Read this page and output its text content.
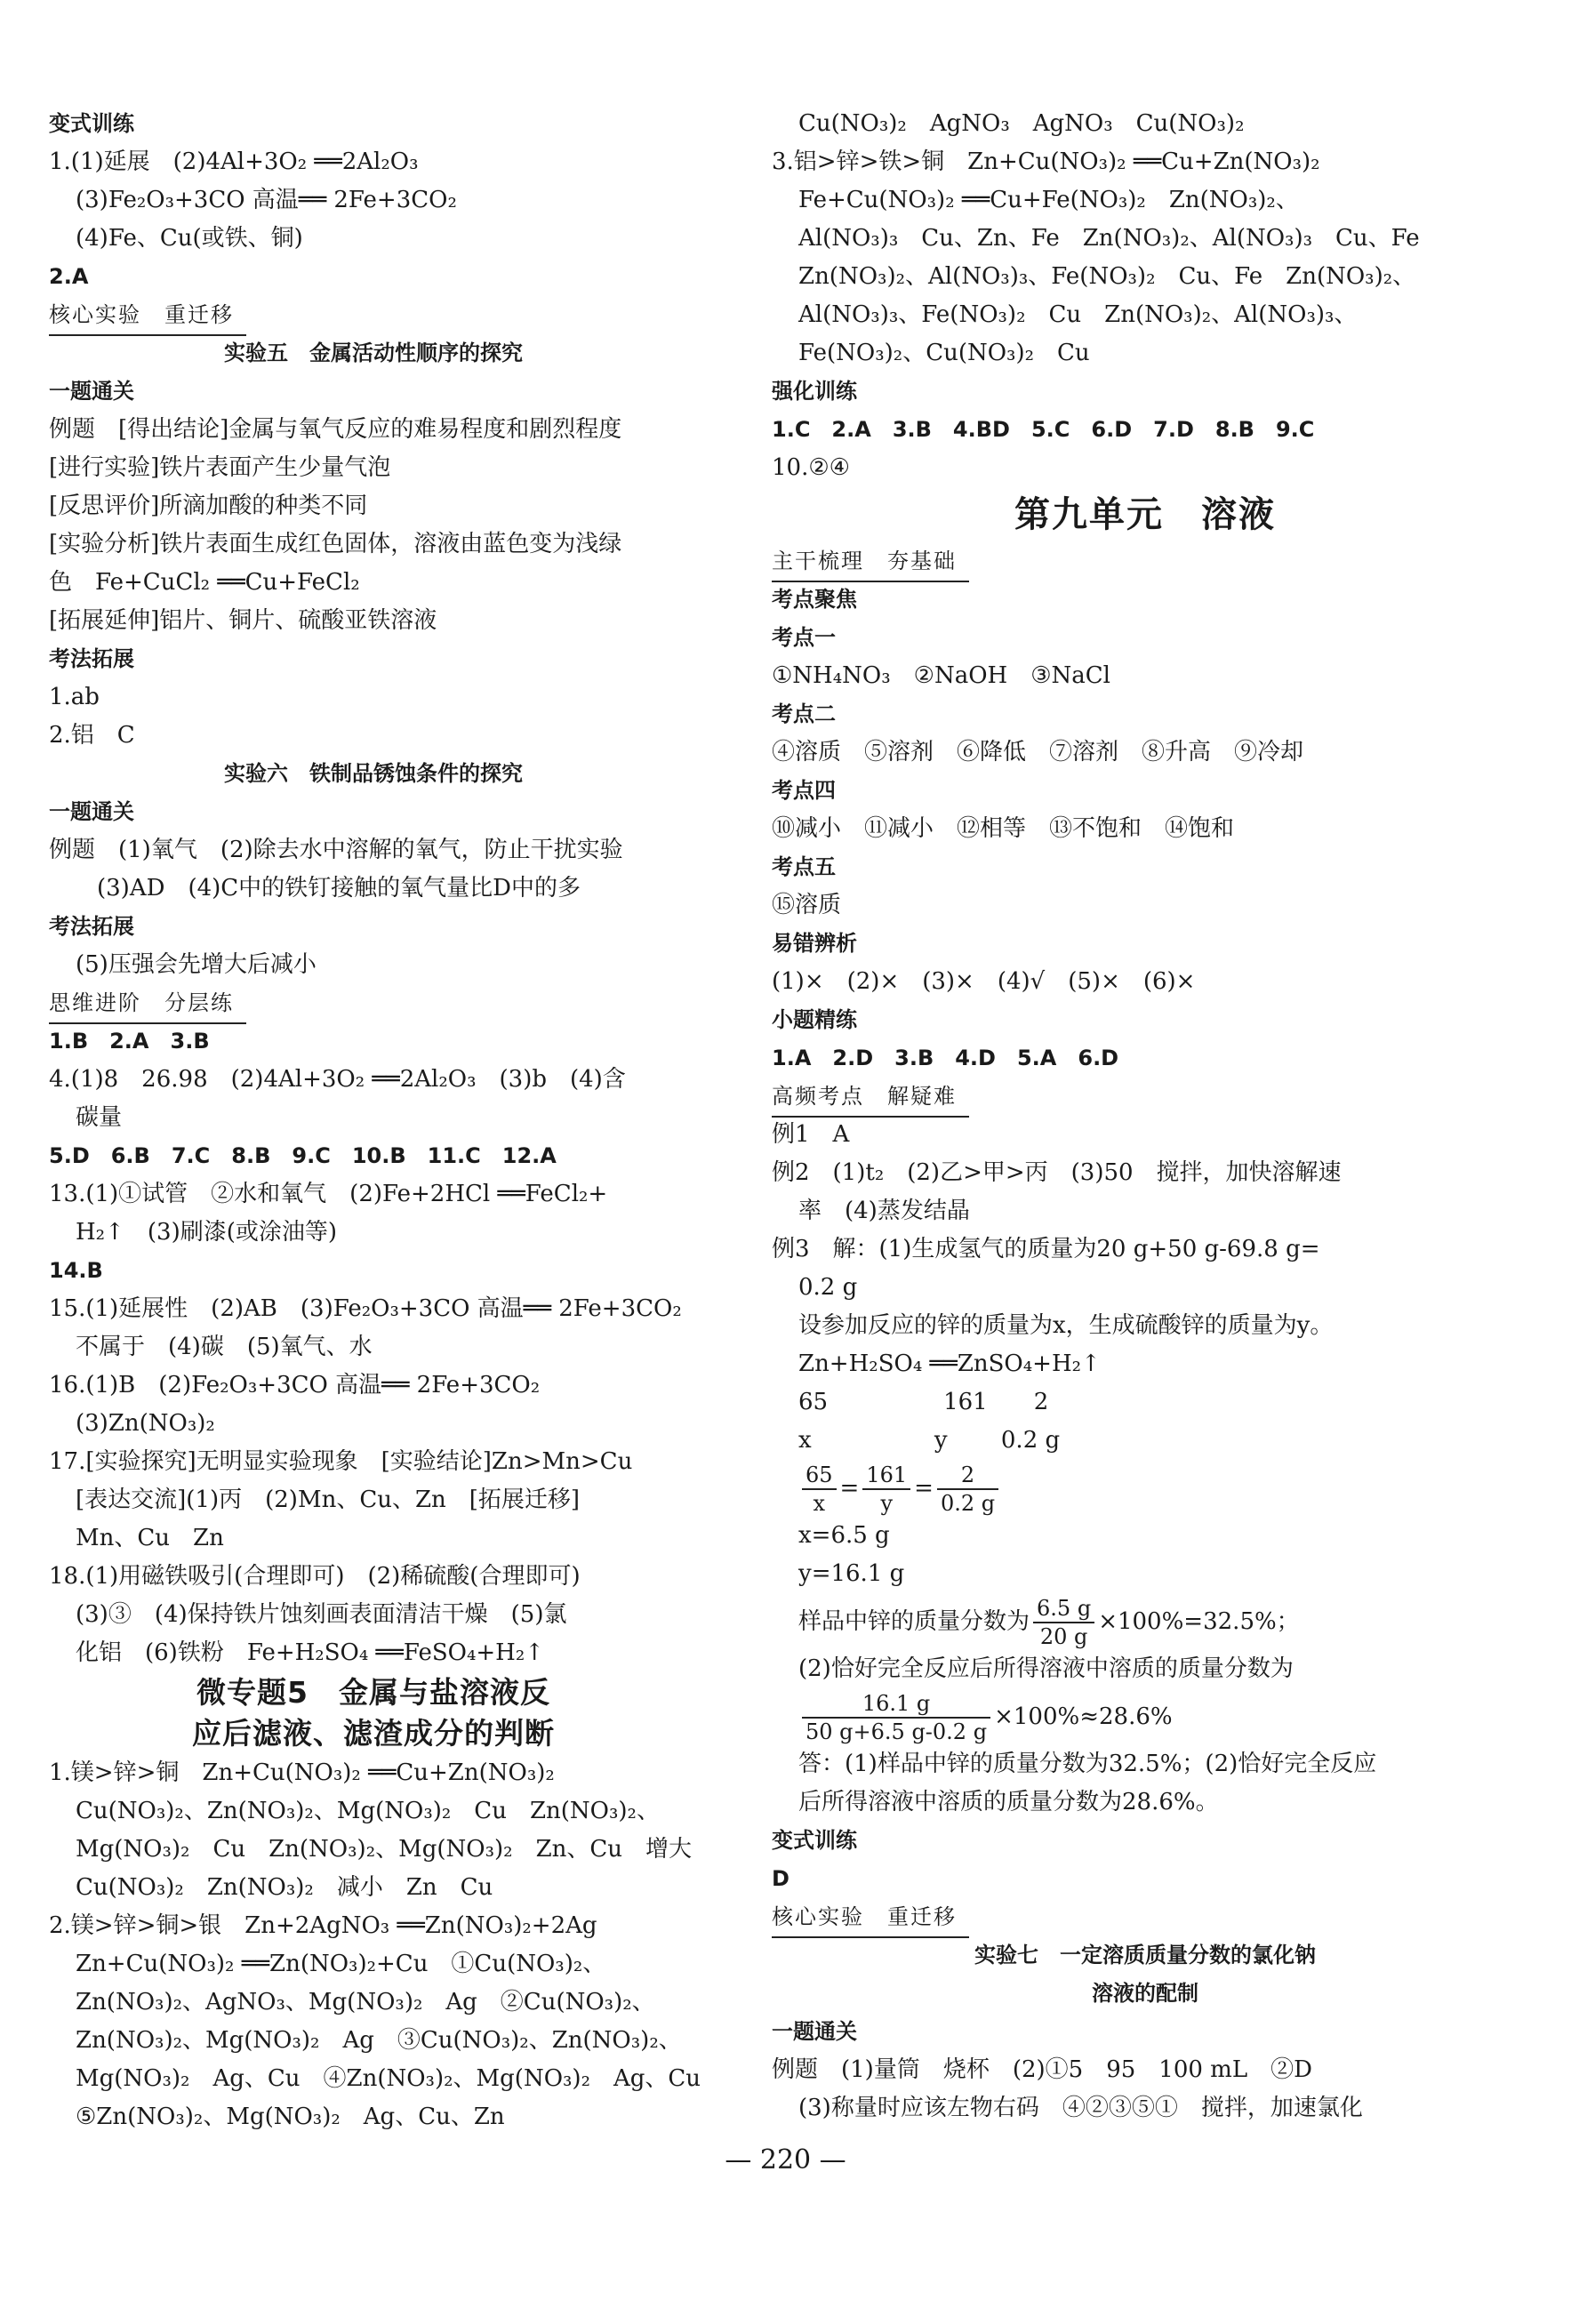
变式训练
1.(1)延展　(2)4Al+3O₂ ══2Al₂O₃
(3)Fe₂O₃+3CO 高温══ 2Fe+3CO₂
(4)Fe、Cu(或铁、铜)
2.A
核心实验　重迁移
实验五　金属活动性顺序的探究
一题通关
例题　[得出结论]金属与氧气反应的难易程度和剧烈程度
[进行实验]铁片表面产生少量气泡
[反思评价]所滴加酸的种类不同
[实验分析]铁片表面生成红色固体，溶液由蓝色变为浅绿
色　Fe+CuCl₂ ══Cu+FeCl₂
[拓展延伸]铝片、铜片、硫酸亚铁溶液
考法拓展
1.ab
2.铝　C
实验六　铁制品锈蚀条件的探究
一题通关
例题　(1)氧气　(2)除去水中溶解的氧气，防止干扰实验
(3)AD　(4)C中的铁钉接触的氧气量比D中的多
考法拓展
(5)压强会先增大后减小
思维进阶　分层练
1.B　2.A　3.B
4.(1)8　26.98　(2)4Al+3O₂ ══2Al₂O₃　(3)b　(4)含
碳量
5.D　6.B　7.C　8.B　9.C　10.B　11.C　12.A
13.(1)①试管　②水和氧气　(2)Fe+2HCl ══FeCl₂+
H₂↑　(3)刷漆(或涂油等)
14.B
15.(1)延展性　(2)AB　(3)Fe₂O₃+3CO 高温══ 2Fe+3CO₂
不属于　(4)碳　(5)氧气、水
16.(1)B　(2)Fe₂O₃+3CO 高温══ 2Fe+3CO₂
(3)Zn(NO₃)₂
17.[实验探究]无明显实验现象　[实验结论]Zn>Mn>Cu
[表达交流](1)丙　(2)Mn、Cu、Zn　[拓展迁移]
Mn、Cu　Zn
18.(1)用磁铁吸引(合理即可)　(2)稀硫酸(合理即可)
(3)③　(4)保持铁片蚀刻画表面清洁干燥　(5)氯
化铝　(6)铁粉　Fe+H₂SO₄ ══FeSO₄+H₂↑
微专题5　金属与盐溶液反
应后滤液、滤渣成分的判断
1.镁>锌>铜　Zn+Cu(NO₃)₂ ══Cu+Zn(NO₃)₂
Cu(NO₃)₂、Zn(NO₃)₂、Mg(NO₃)₂　Cu　Zn(NO₃)₂、
Mg(NO₃)₂　Cu　Zn(NO₃)₂、Mg(NO₃)₂　Zn、Cu　增大
Cu(NO₃)₂　Zn(NO₃)₂　减小　Zn　Cu
2.镁>锌>铜>银　Zn+2AgNO₃ ══Zn(NO₃)₂+2Ag
Zn+Cu(NO₃)₂ ══Zn(NO₃)₂+Cu　①Cu(NO₃)₂、
Zn(NO₃)₂、AgNO₃、Mg(NO₃)₂　Ag　②Cu(NO₃)₂、
Zn(NO₃)₂、Mg(NO₃)₂　Ag　③Cu(NO₃)₂、Zn(NO₃)₂、
Mg(NO₃)₂　Ag、Cu　④Zn(NO₃)₂、Mg(NO₃)₂　Ag、Cu
⑤Zn(NO₃)₂、Mg(NO₃)₂　Ag、Cu、Zn
Cu(NO₃)₂　AgNO₃　AgNO₃　Cu(NO₃)₂
3.铝>锌>铁>铜　Zn+Cu(NO₃)₂ ══Cu+Zn(NO₃)₂
Fe+Cu(NO₃)₂ ══Cu+Fe(NO₃)₂　Zn(NO₃)₂、
Al(NO₃)₃　Cu、Zn、Fe　Zn(NO₃)₂、Al(NO₃)₃　Cu、Fe
Zn(NO₃)₂、Al(NO₃)₃、Fe(NO₃)₂　Cu、Fe　Zn(NO₃)₂、
Al(NO₃)₃、Fe(NO₃)₂　Cu　Zn(NO₃)₂、Al(NO₃)₃、
Fe(NO₃)₂、Cu(NO₃)₂　Cu
强化训练
1.C　2.A　3.B　4.BD　5.C　6.D　7.D　8.B　9.C
10.②④
第九单元　溶液
主干梳理　夯基础
考点聚焦
考点一
①NH₄NO₃　②NaOH　③NaCl
考点二
④溶质　⑤溶剂　⑥降低　⑦溶剂　⑧升高　⑨冷却
考点四
⑩减小　⑪减小　⑫相等　⑬不饱和　⑭饱和
考点五
⑮溶质
易错辨析
(1)×　(2)×　(3)×　(4)√　(5)×　(6)×
小题精练
1.A　2.D　3.B　4.D　5.A　6.D
高频考点　解疑难
例1　A
例2　(1)t₂　(2)乙>甲>丙　(3)50　搅拌，加快溶解速
率　(4)蒸发结晶
例3　解：(1)生成氢气的质量为20 g+50 g-69.8 g=
0.2 g
设参加反应的锌的质量为x，生成硫酸锌的质量为y。
Zn+H₂SO₄ ══ZnSO₄+H₂↑
65　　　　　161　　2
x　　　　　 y　　 0.2 g
$\frac{65}{x} = \frac{161}{y} = \frac{2}{0.2 g}$
x=6.5 g
y=16.1 g
样品中锌的质量分数为 $\frac{6.5 g}{20 g} \times 100\%=32.5\%$；
(2)恰好完全反应后所得溶液中溶质的质量分数为
$\frac{16.1 g}{50 g+6.5 g-0.2 g} \times 100\%\approx 28.6\%$
答：(1)样品中锌的质量分数为32.5%；(2)恰好完全反应
后所得溶液中溶质的质量分数为28.6%。
变式训练
D
核心实验　重迁移
实验七　一定溶质质量分数的氯化钠
溶液的配制
一题通关
例题　(1)量筒　烧杯　(2)①5　95　100 mL　②D
(3)称量时应该左物右码　④②③⑤①　搅拌，加速氯化
— 220 —
